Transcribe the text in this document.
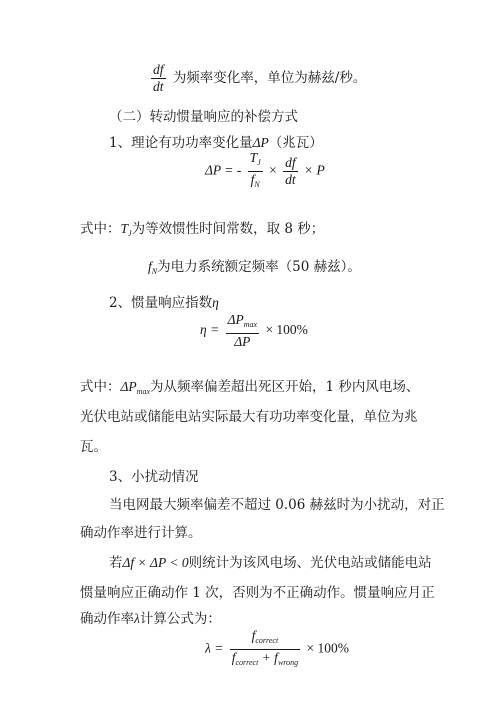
$\frac{df}{dt}$ 为频率变化率，单位为赫兹/秒。
（二）转动惯量响应的补偿方式
1、理论有功功率变化量ΔP（兆瓦）
ΔP = - $\frac{T_J}{f_N} \times \frac{df}{dt} \times P$
式中：$T_J$为等效惯性时间常数，取 8 秒；
$f_N$为电力系统额定频率（50 赫兹）。
2、惯量响应指数η
$\eta = \frac{\Delta P_{max}}{\Delta P} \times 100\%$
式中：$\Delta P_{max}$为从频率偏差超出死区开始，1 秒内风电场、
光伏电站或储能电站实际最大有功功率变化量，单位为兆
瓦。
3、小扰动情况
当电网最大频率偏差不超过 0.06 赫兹时为小扰动，对正
确动作率进行计算。
若Δf × ΔP < 0则统计为该风电场、光伏电站或储能电站
惯量响应正确动作 1 次，否则为不正确动作。惯量响应月正
确动作率λ计算公式为：
$\lambda = \frac{f_{correct}}{f_{correct} + f_{wrong}} \times 100\%$
